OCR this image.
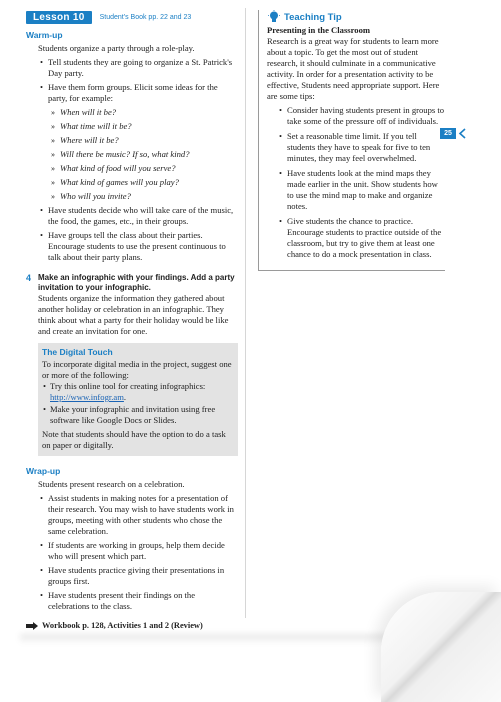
Lesson 10	Student's Book pp. 22 and 23
Warm-up
Students organize a party through a role-play.
• Tell students they are going to organize a St. Patrick's Day party.
• Have them form groups. Elicit some ideas for the party, for example:
» When will it be?
» What time will it be?
» Where will it be?
» Will there be music? If so, what kind?
» What kind of food will you serve?
» What kind of games will you play?
» Who will you invite?
• Have students decide who will take care of the music, the food, the games, etc., in their groups.
• Have groups tell the class about their parties. Encourage students to use the present continuous to talk about their party plans.
4 Make an infographic with your findings. Add a party invitation to your infographic.
Students organize the information they gathered about another holiday or celebration in an infographic. They think about what a party for their holiday would be like and create an invitation for one.
The Digital Touch
To incorporate digital media in the project, suggest one or more of the following:
• Try this online tool for creating infographics: http://www.infogr.am.
• Make your infographic and invitation using free software like Google Docs or Slides.
Note that students should have the option to do a task on paper or digitally.
Wrap-up
Students present research on a celebration.
• Assist students in making notes for a presentation of their research. You may wish to have students work in groups, meeting with other students who chose the same celebration.
• If students are working in groups, help them decide who will present which part.
• Have students practice giving their presentations in groups first.
• Have students present their findings on the celebrations to the class.
Workbook p. 128, Activities 1 and 2 (Review)
Teaching Tip
Presenting in the Classroom
Research is a great way for students to learn more about a topic. To get the most out of student research, it should culminate in a communicative activity. In order for a presentation activity to be effective, Students need appropriate support. Here are some tips:
• Consider having students present in groups to take some of the pressure off of individuals.
• Set a reasonable time limit. If you tell students they have to speak for five to ten minutes, they may feel overwhelmed.
• Have students look at the mind maps they made earlier in the unit. Show students how to use the mind map to make and organize notes.
• Give students the chance to practice. Encourage students to practice outside of the classroom, but try to give them at least one chance to do a mock presentation in class.
25
